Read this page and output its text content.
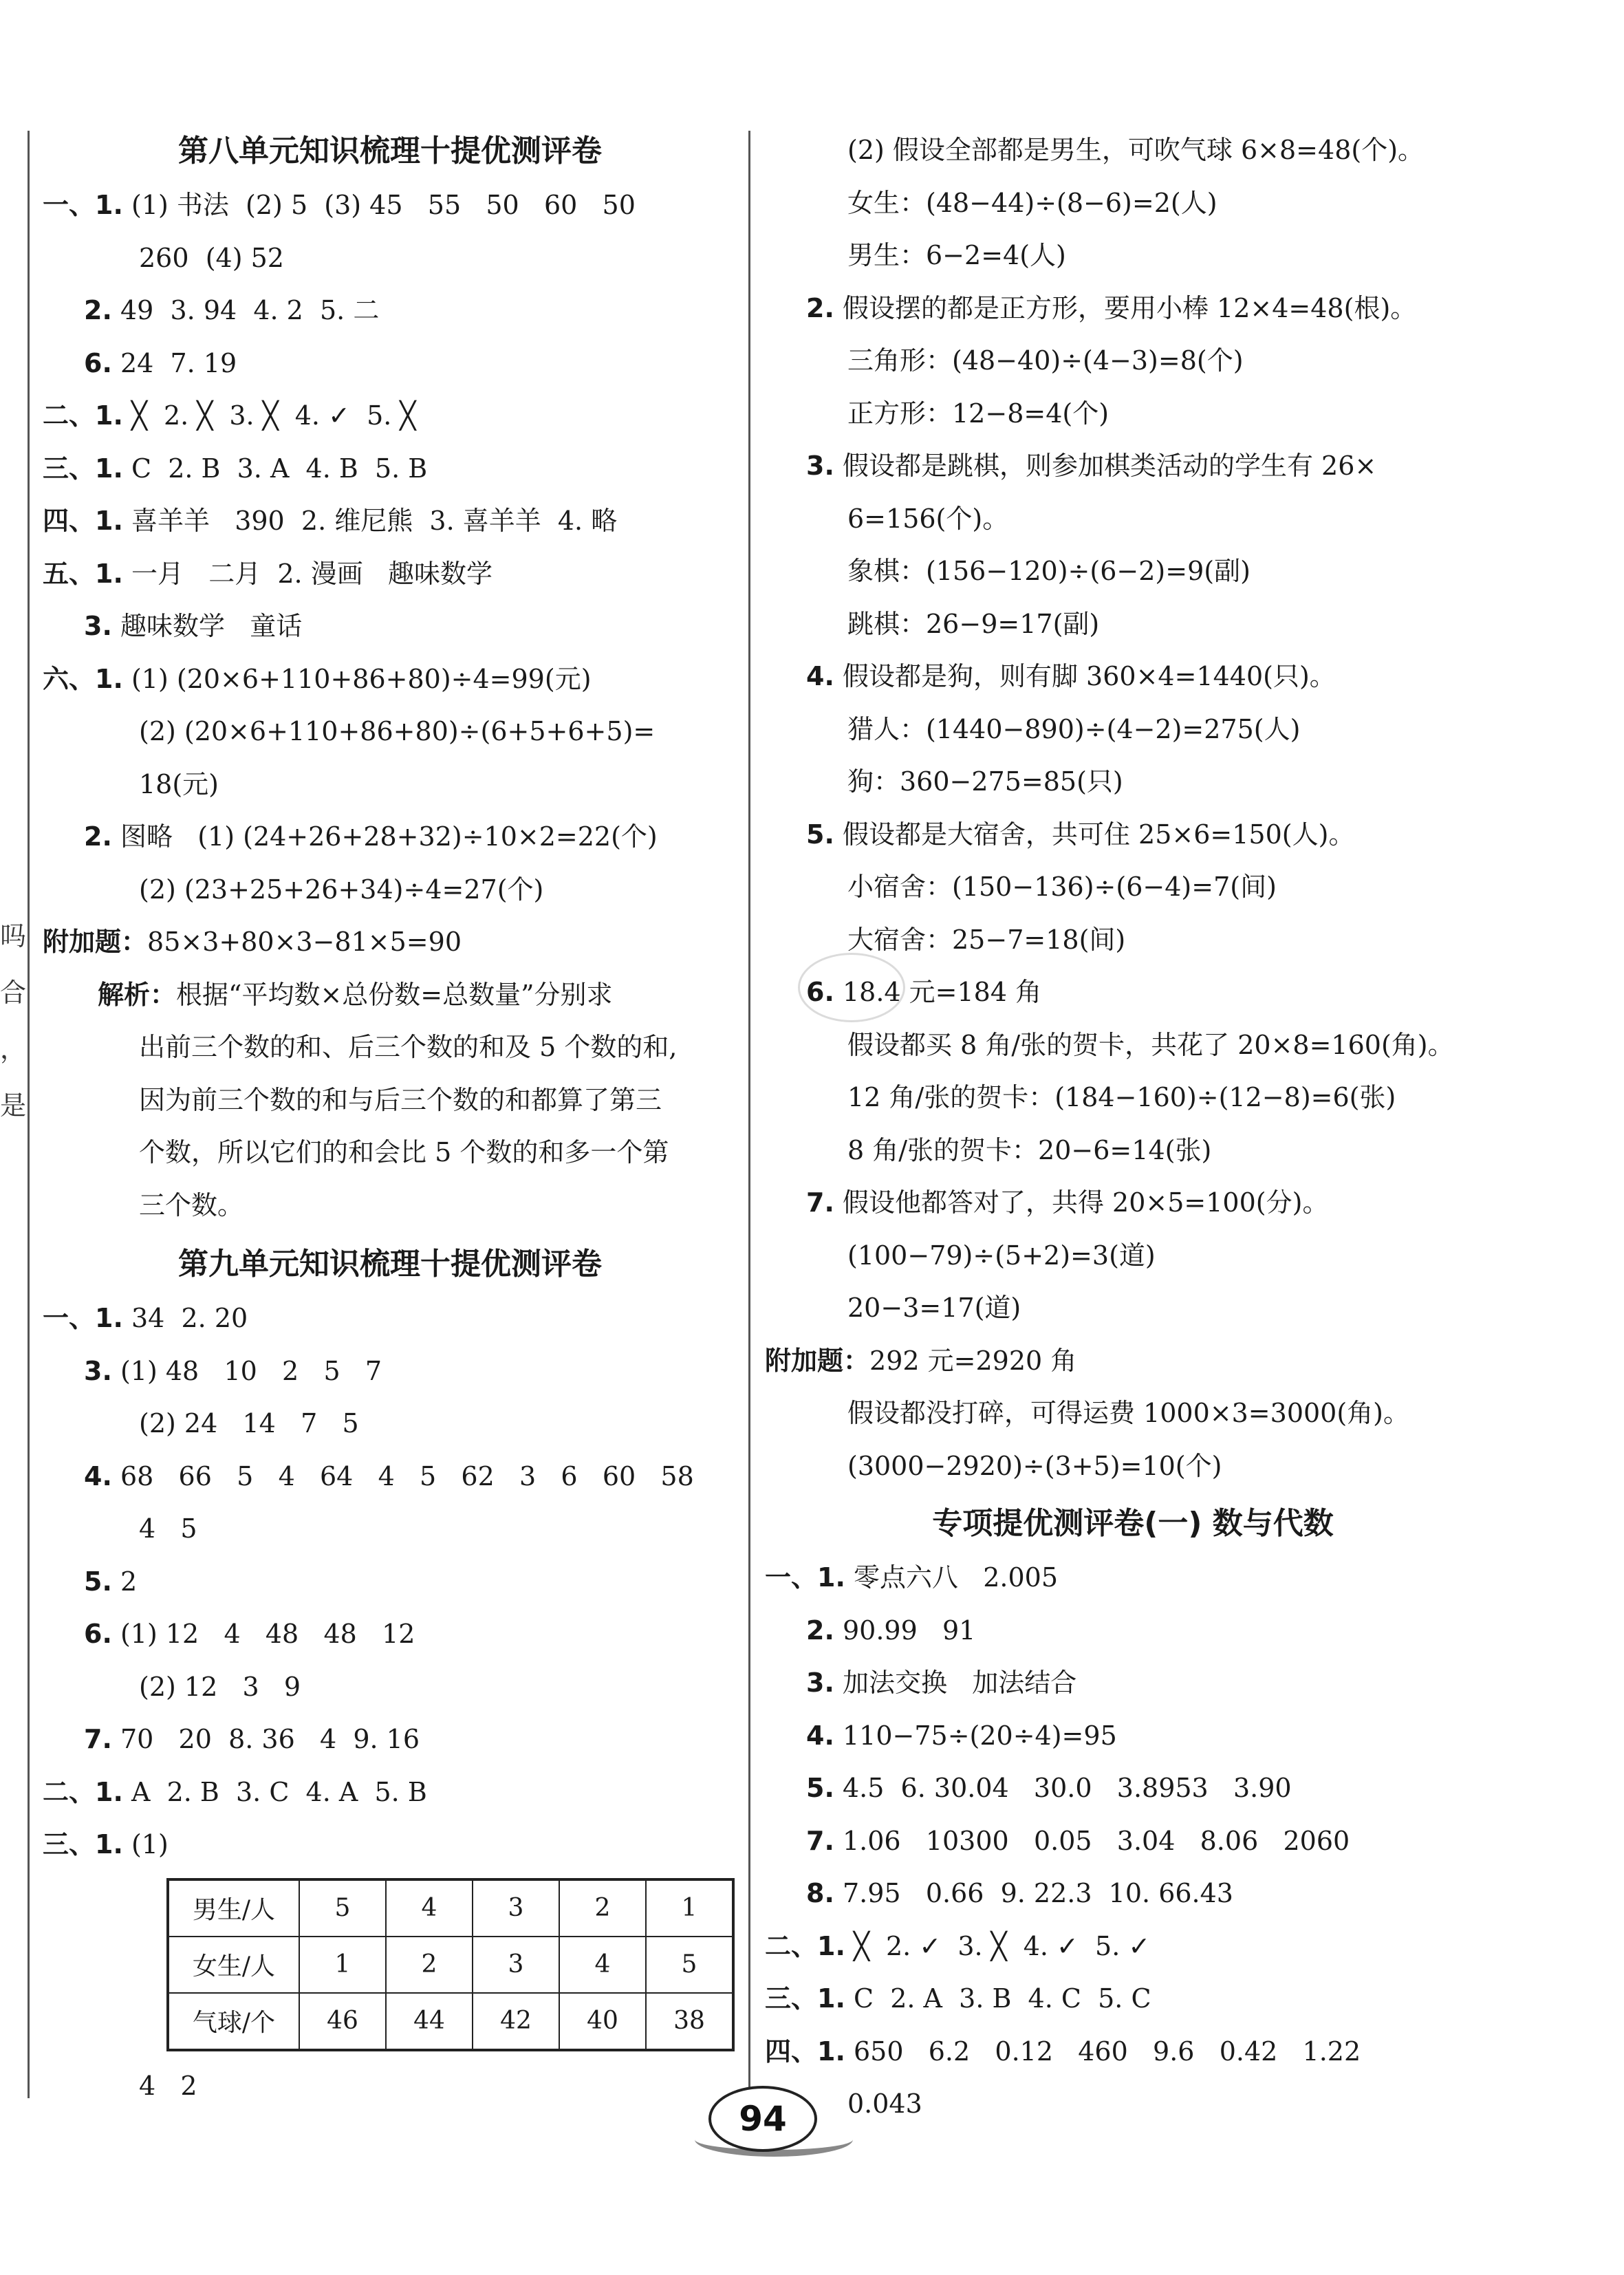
吗
合
，
是
第八单元知识梳理十提优测评卷
一、1. (1) 书法  (2) 5  (3) 45   55   50   60   50
260  (4) 52
2. 49  3. 94  4. 2  5. 二
6. 24  7. 19
二、1. ╳  2. ╳  3. ╳  4. ✓  5. ╳
三、1. C  2. B  3. A  4. B  5. B
四、1. 喜羊羊   390  2. 维尼熊  3. 喜羊羊  4. 略
五、1. 一月   二月  2. 漫画   趣味数学
3. 趣味数学   童话
六、1. (1) (20×6+110+86+80)÷4=99(元)
(2) (20×6+110+86+80)÷(6+5+6+5)=
18(元)
2. 图略   (1) (24+26+28+32)÷10×2=22(个)
(2) (23+25+26+34)÷4=27(个)
附加题：85×3+80×3−81×5=90
解析：根据“平均数×总份数=总数量”分别求
出前三个数的和、后三个数的和及 5 个数的和,
因为前三个数的和与后三个数的和都算了第三
个数，所以它们的和会比 5 个数的和多一个第
三个数。
第九单元知识梳理十提优测评卷
一、1. 34  2. 20
3. (1) 48   10   2   5   7
(2) 24   14   7   5
4. 68   66   5   4   64   4   5   62   3   6   60   58
4   5
5. 2
6. (1) 12   4   48   48   12
(2) 12   3   9
7. 70   20  8. 36   4  9. 16
二、1. A  2. B  3. C  4. A  5. B
三、1. (1)
男生/人	5	4	3	2	1
女生/人	1	2	3	4	5
气球/个	46	44	42	40	38
4   2
(2) 假设全部都是男生，可吹气球 6×8=48(个)。
女生：(48−44)÷(8−6)=2(人)
男生：6−2=4(人)
2. 假设摆的都是正方形，要用小棒 12×4=48(根)。
三角形：(48−40)÷(4−3)=8(个)
正方形：12−8=4(个)
3. 假设都是跳棋，则参加棋类活动的学生有 26×
6=156(个)。
象棋：(156−120)÷(6−2)=9(副)
跳棋：26−9=17(副)
4. 假设都是狗，则有脚 360×4=1440(只)。
猎人：(1440−890)÷(4−2)=275(人)
狗：360−275=85(只)
5. 假设都是大宿舍，共可住 25×6=150(人)。
小宿舍：(150−136)÷(6−4)=7(间)
大宿舍：25−7=18(间)
6. 18.4 元=184 角
假设都买 8 角/张的贺卡，共花了 20×8=160(角)。
12 角/张的贺卡：(184−160)÷(12−8)=6(张)
8 角/张的贺卡：20−6=14(张)
7. 假设他都答对了，共得 20×5=100(分)。
(100−79)÷(5+2)=3(道)
20−3=17(道)
附加题：292 元=2920 角
假设都没打碎，可得运费 1000×3=3000(角)。
(3000−2920)÷(3+5)=10(个)
专项提优测评卷(一) 数与代数
一、1. 零点六八   2.005
2. 90.99   91
3. 加法交换   加法结合
4. 110−75÷(20÷4)=95
5. 4.5  6. 30.04   30.0   3.8953   3.90
7. 1.06   10300   0.05   3.04   8.06   2060
8. 7.95   0.66  9. 22.3  10. 66.43
二、1. ╳  2. ✓  3. ╳  4. ✓  5. ✓
三、1. C  2. A  3. B  4. C  5. C
四、1. 650   6.2   0.12   460   9.6   0.42   1.22
0.043
94
